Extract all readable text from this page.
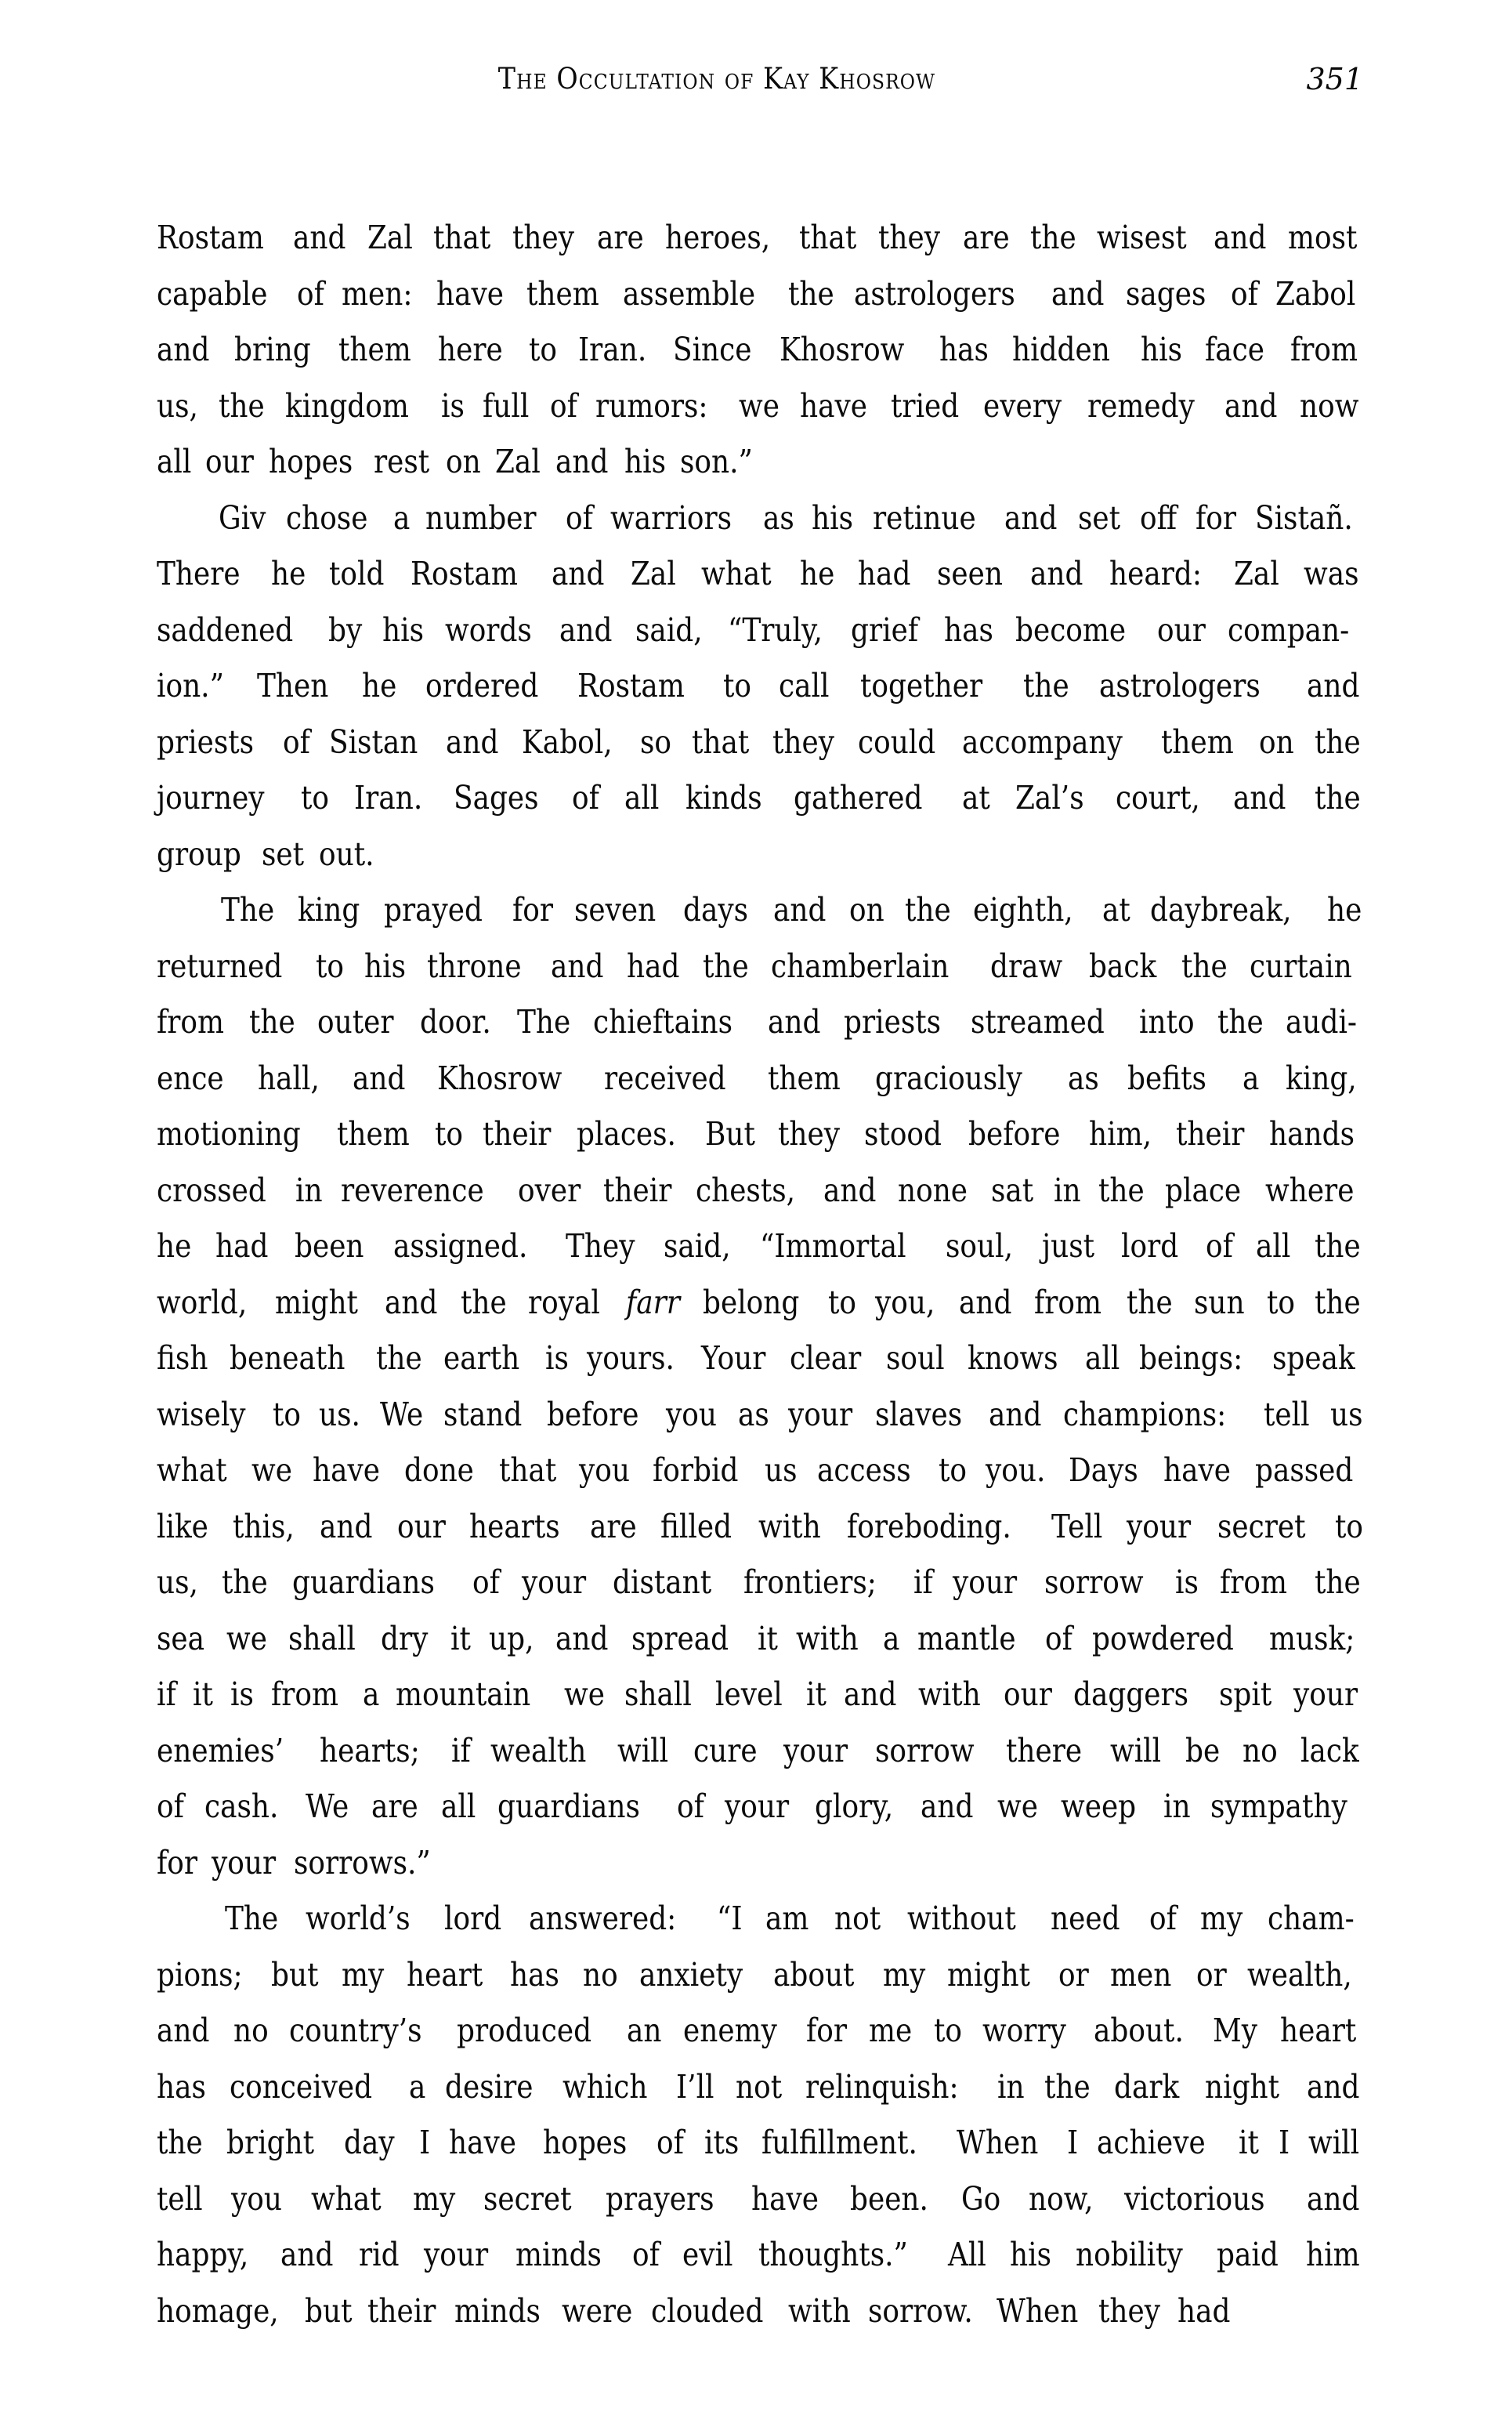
The Occultation of Kay Khosrow	351
Rostam and Zal that they are heroes, that they are the wisest and most
capable of men: have them assemble the astrologers and sages of Zabol
and bring them here to Iran. Since Khosrow has hidden his face from
us, the kingdom is full of rumors: we have tried every remedy and now
all our hopes rest on Zal and his son.”
Giv chose a number of warriors as his retinue and set off for Sistañ.
There he told Rostam and Zal what he had seen and heard: Zal was
saddened by his words and said, “Truly, grief has become our compan-
ion.” Then he ordered Rostam to call together the astrologers and
priests of Sistan and Kabol, so that they could accompany them on the
journey to Iran. Sages of all kinds gathered at Zal’s court, and the
group set out.
The king prayed for seven days and on the eighth, at daybreak, he
returned to his throne and had the chamberlain draw back the curtain
from the outer door. The chieftains and priests streamed into the audi-
ence hall, and Khosrow received them graciously as befits a king,
motioning them to their places. But they stood before him, their hands
crossed in reverence over their chests, and none sat in the place where
he had been assigned. They said, “Immortal soul, just lord of all the
world, might and the royal farr belong to you, and from the sun to the
fish beneath the earth is yours. Your clear soul knows all beings: speak
wisely to us. We stand before you as your slaves and champions: tell us
what we have done that you forbid us access to you. Days have passed
like this, and our hearts are filled with foreboding. Tell your secret to
us, the guardians of your distant frontiers; if your sorrow is from the
sea we shall dry it up, and spread it with a mantle of powdered musk;
if it is from a mountain we shall level it and with our daggers spit your
enemies’ hearts; if wealth will cure your sorrow there will be no lack
of cash. We are all guardians of your glory, and we weep in sympathy
for your sorrows.”
The world’s lord answered: “I am not without need of my cham-
pions; but my heart has no anxiety about my might or men or wealth,
and no country’s produced an enemy for me to worry about. My heart
has conceived a desire which I’ll not relinquish: in the dark night and
the bright day I have hopes of its fulfillment. When I achieve it I will
tell you what my secret prayers have been. Go now, victorious and
happy, and rid your minds of evil thoughts.” All his nobility paid him
homage, but their minds were clouded with sorrow. When they had
